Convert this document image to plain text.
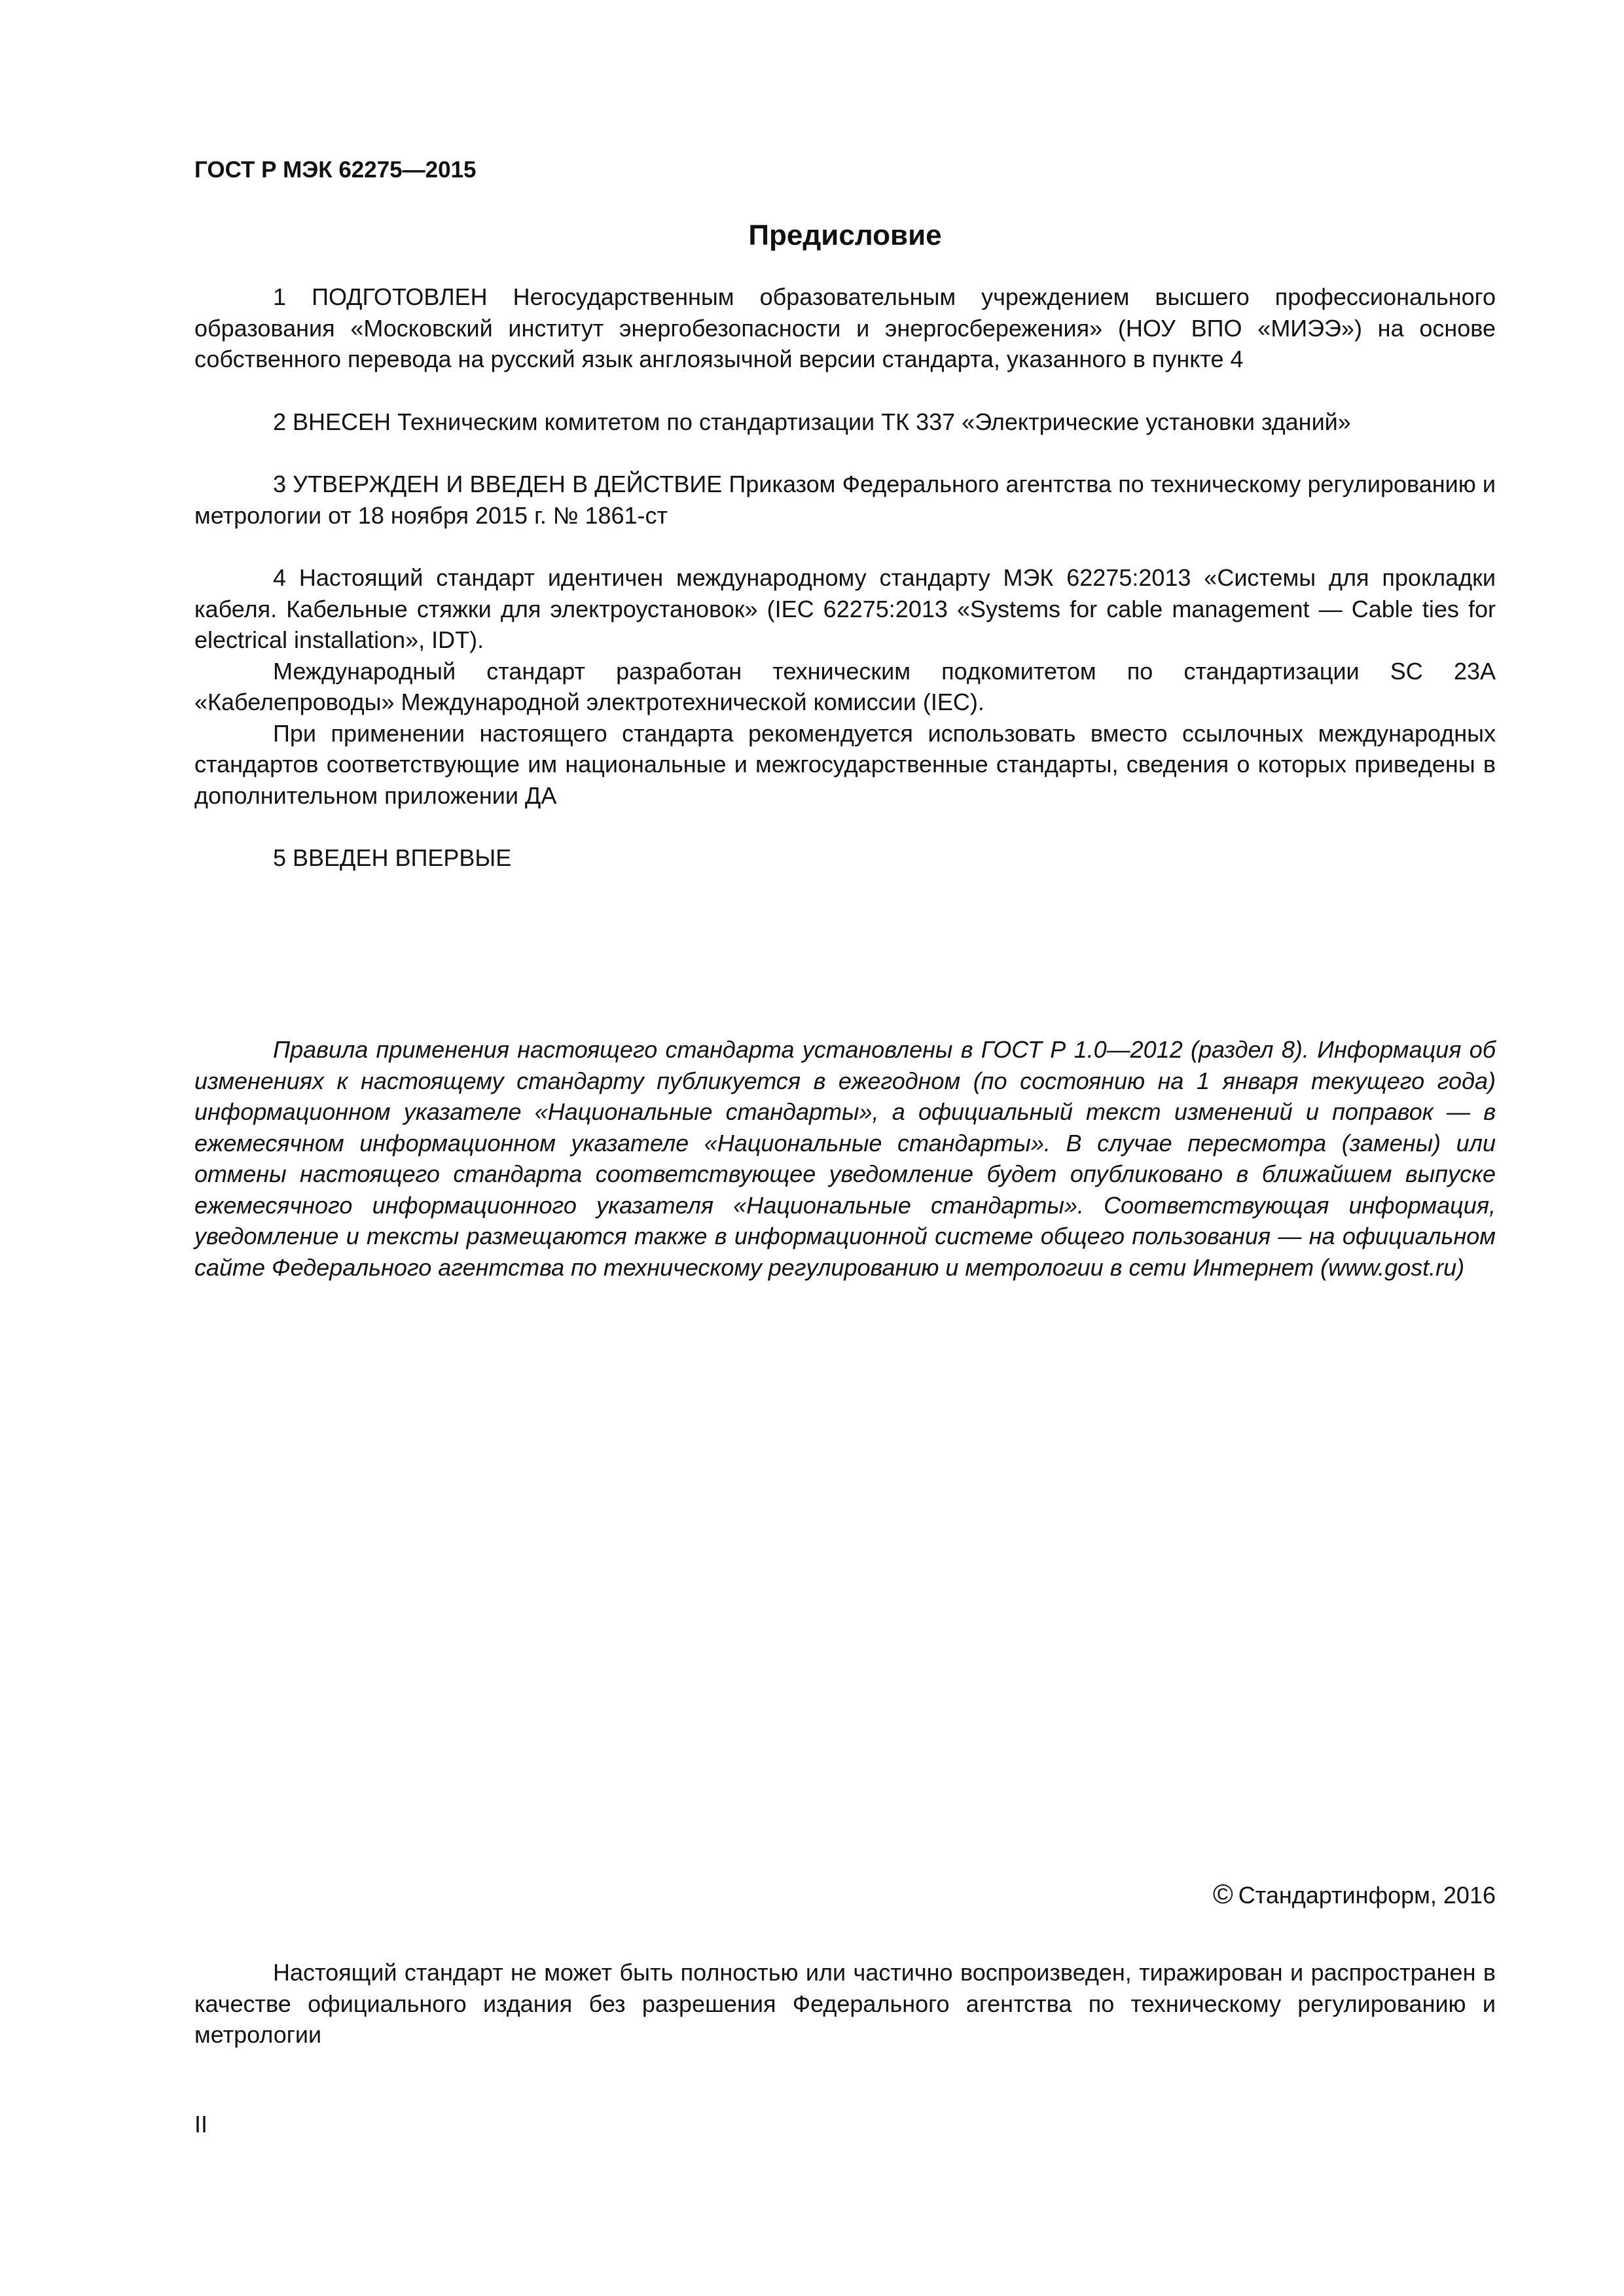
ГОСТ Р МЭК 62275—2015
Предисловие

1 ПОДГОТОВЛЕН Негосударственным образовательным учреждением высшего профессионального образования «Московский институт энергобезопасности и энергосбережения» (НОУ ВПО «МИЭЭ») на основе собственного перевода на русский язык англоязычной версии стандарта, указанного в пункте 4

2 ВНЕСЕН Техническим комитетом по стандартизации ТК 337 «Электрические установки зданий»

3 УТВЕРЖДЕН И ВВЕДЕН В ДЕЙСТВИЕ Приказом Федерального агентства по техническому регулированию и метрологии от 18 ноября 2015 г. № 1861-ст

4 Настоящий стандарт идентичен международному стандарту МЭК 62275:2013 «Системы для прокладки кабеля. Кабельные стяжки для электроустановок» (IEC 62275:2013 «Systems for cable management — Cable ties for electrical installation», IDT).

Международный стандарт разработан техническим подкомитетом по стандартизации SC 23A «Кабелепроводы» Международной электротехнической комиссии (IEC).

При применении настоящего стандарта рекомендуется использовать вместо ссылочных международных стандартов соответствующие им национальные и межгосударственные стандарты, сведения о которых приведены в дополнительном приложении ДА

5 ВВЕДЕН ВПЕРВЫЕ

Правила применения настоящего стандарта установлены в ГОСТ Р 1.0—2012 (раздел 8). Информация об изменениях к настоящему стандарту публикуется в ежегодном (по состоянию на 1 января текущего года) информационном указателе «Национальные стандарты», а официальный текст изменений и поправок — в ежемесячном информационном указателе «Национальные стандарты». В случае пересмотра (замены) или отмены настоящего стандарта соответствующее уведомление будет опубликовано в ближайшем выпуске ежемесячного информационного указателя «Национальные стандарты». Соответствующая информация, уведомление и тексты размещаются также в информационной системе общего пользования — на официальном сайте Федерального агентства по техническому регулированию и метрологии в сети Интернет (www.gost.ru)

© Стандартинформ, 2016

Настоящий стандарт не может быть полностью или частично воспроизведен, тиражирован и распространен в качестве официального издания без разрешения Федерального агентства по техническому регулированию и метрологии

II
